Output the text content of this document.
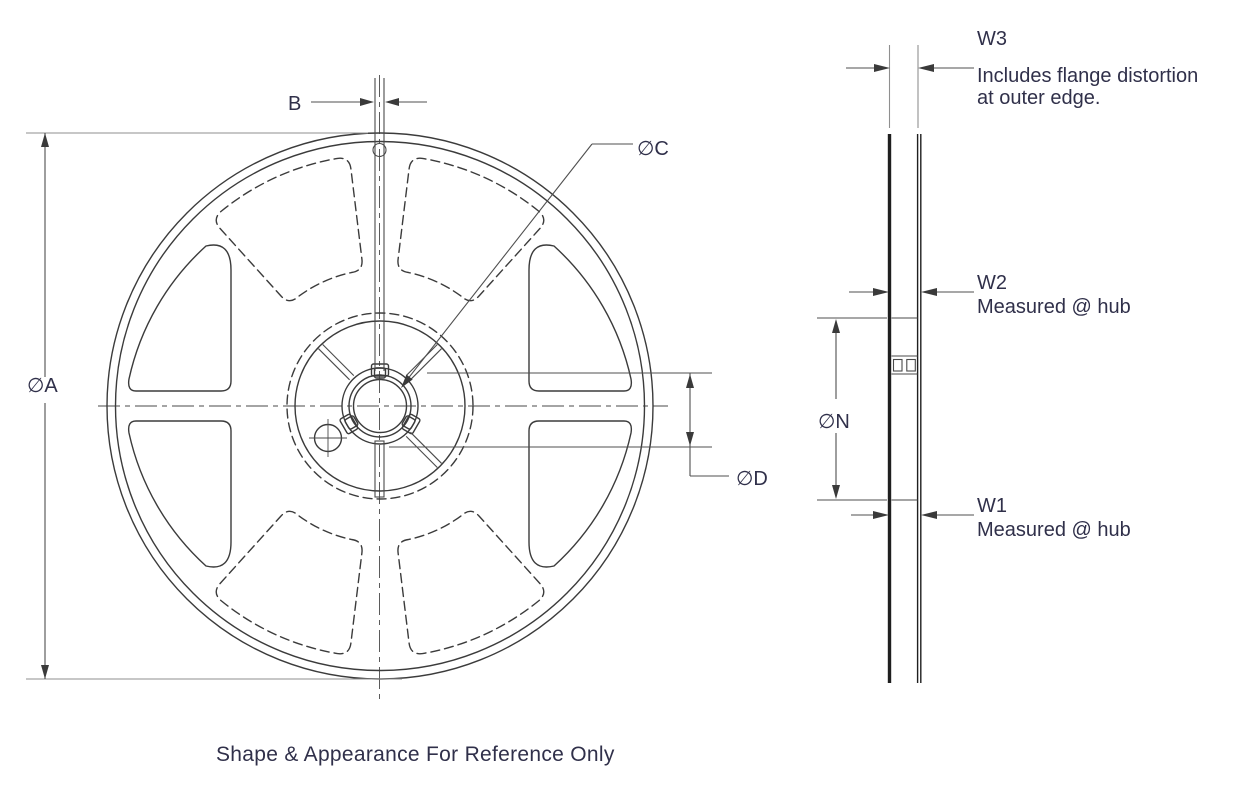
∅A
B
∅C
∅D
W3
Includes flange distortion
at outer edge.
W2
Measured @ hub
W1
Measured @ hub
∅N
Shape & Appearance For Reference Only
